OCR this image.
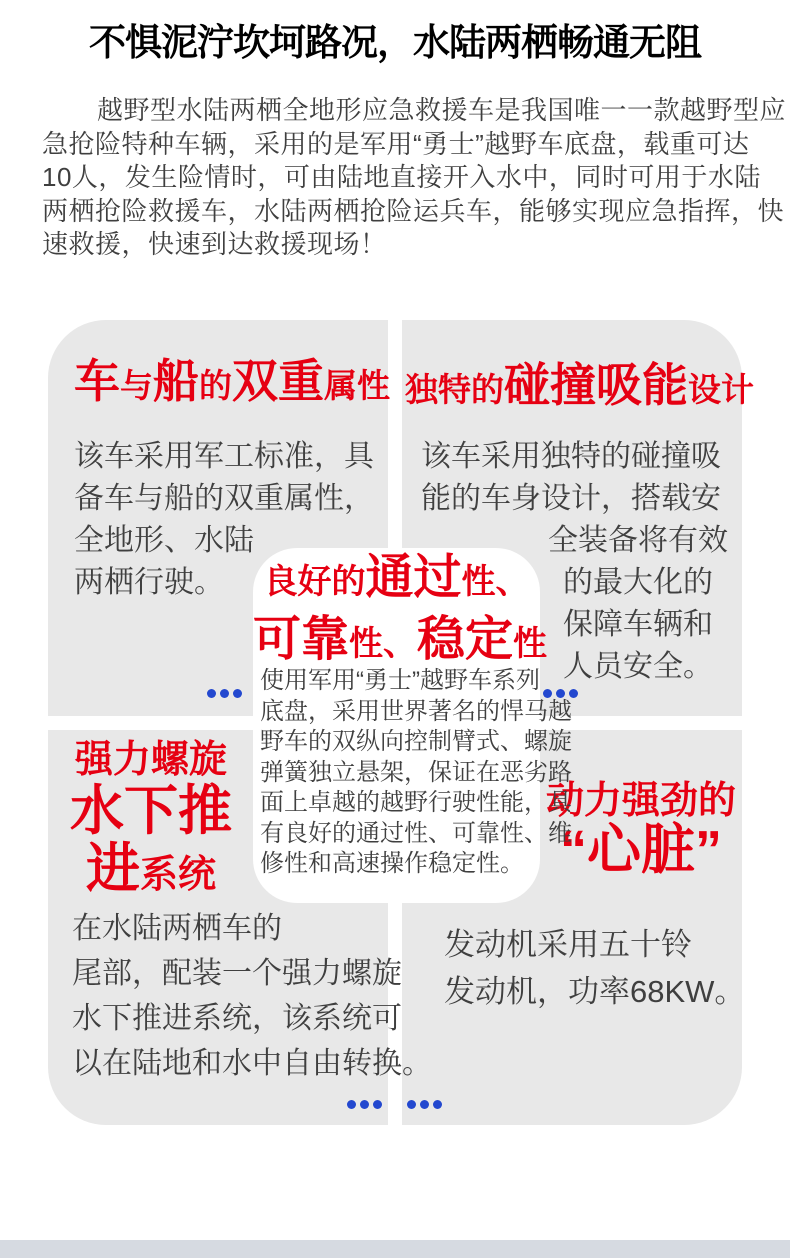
不惧泥泞坎坷路况，水陆两栖畅通无阻
越野型水陆两栖全地形应急救援车是我国唯一一款越野型应
急抢险特种车辆，采用的是军用“勇士”越野车底盘，载重可达
10人，发生险情时，可由陆地直接开入水中，同时可用于水陆
两栖抢险救援车，水陆两栖抢险运兵车，能够实现应急指挥，快
速救援，快速到达救援现场！
车与船的双重属性
该车采用军工标准，具
备车与船的双重属性，
全地形、水陆
两栖行驶。
独特的碰撞吸能设计
该车采用独特的碰撞吸
能的车身设计，搭载安
全装备将有效
的最大化的
保障车辆和
人员安全。
良好的通过性、
可靠性、稳定性
使用军用“勇士”越野车系列
底盘，采用世界著名的悍马越
野车的双纵向控制臂式、螺旋
弹簧独立悬架，保证在恶劣路
面上卓越的越野行驶性能，具
有良好的通过性、可靠性、维
修性和高速操作稳定性。
强力螺旋
水下推
进系统
在水陆两栖车的
尾部，配装一个强力螺旋
水下推进系统，该系统可
以在陆地和水中自由转换。
动力强劲的
“心脏”
发动机采用五十铃
发动机，功率68KW。
